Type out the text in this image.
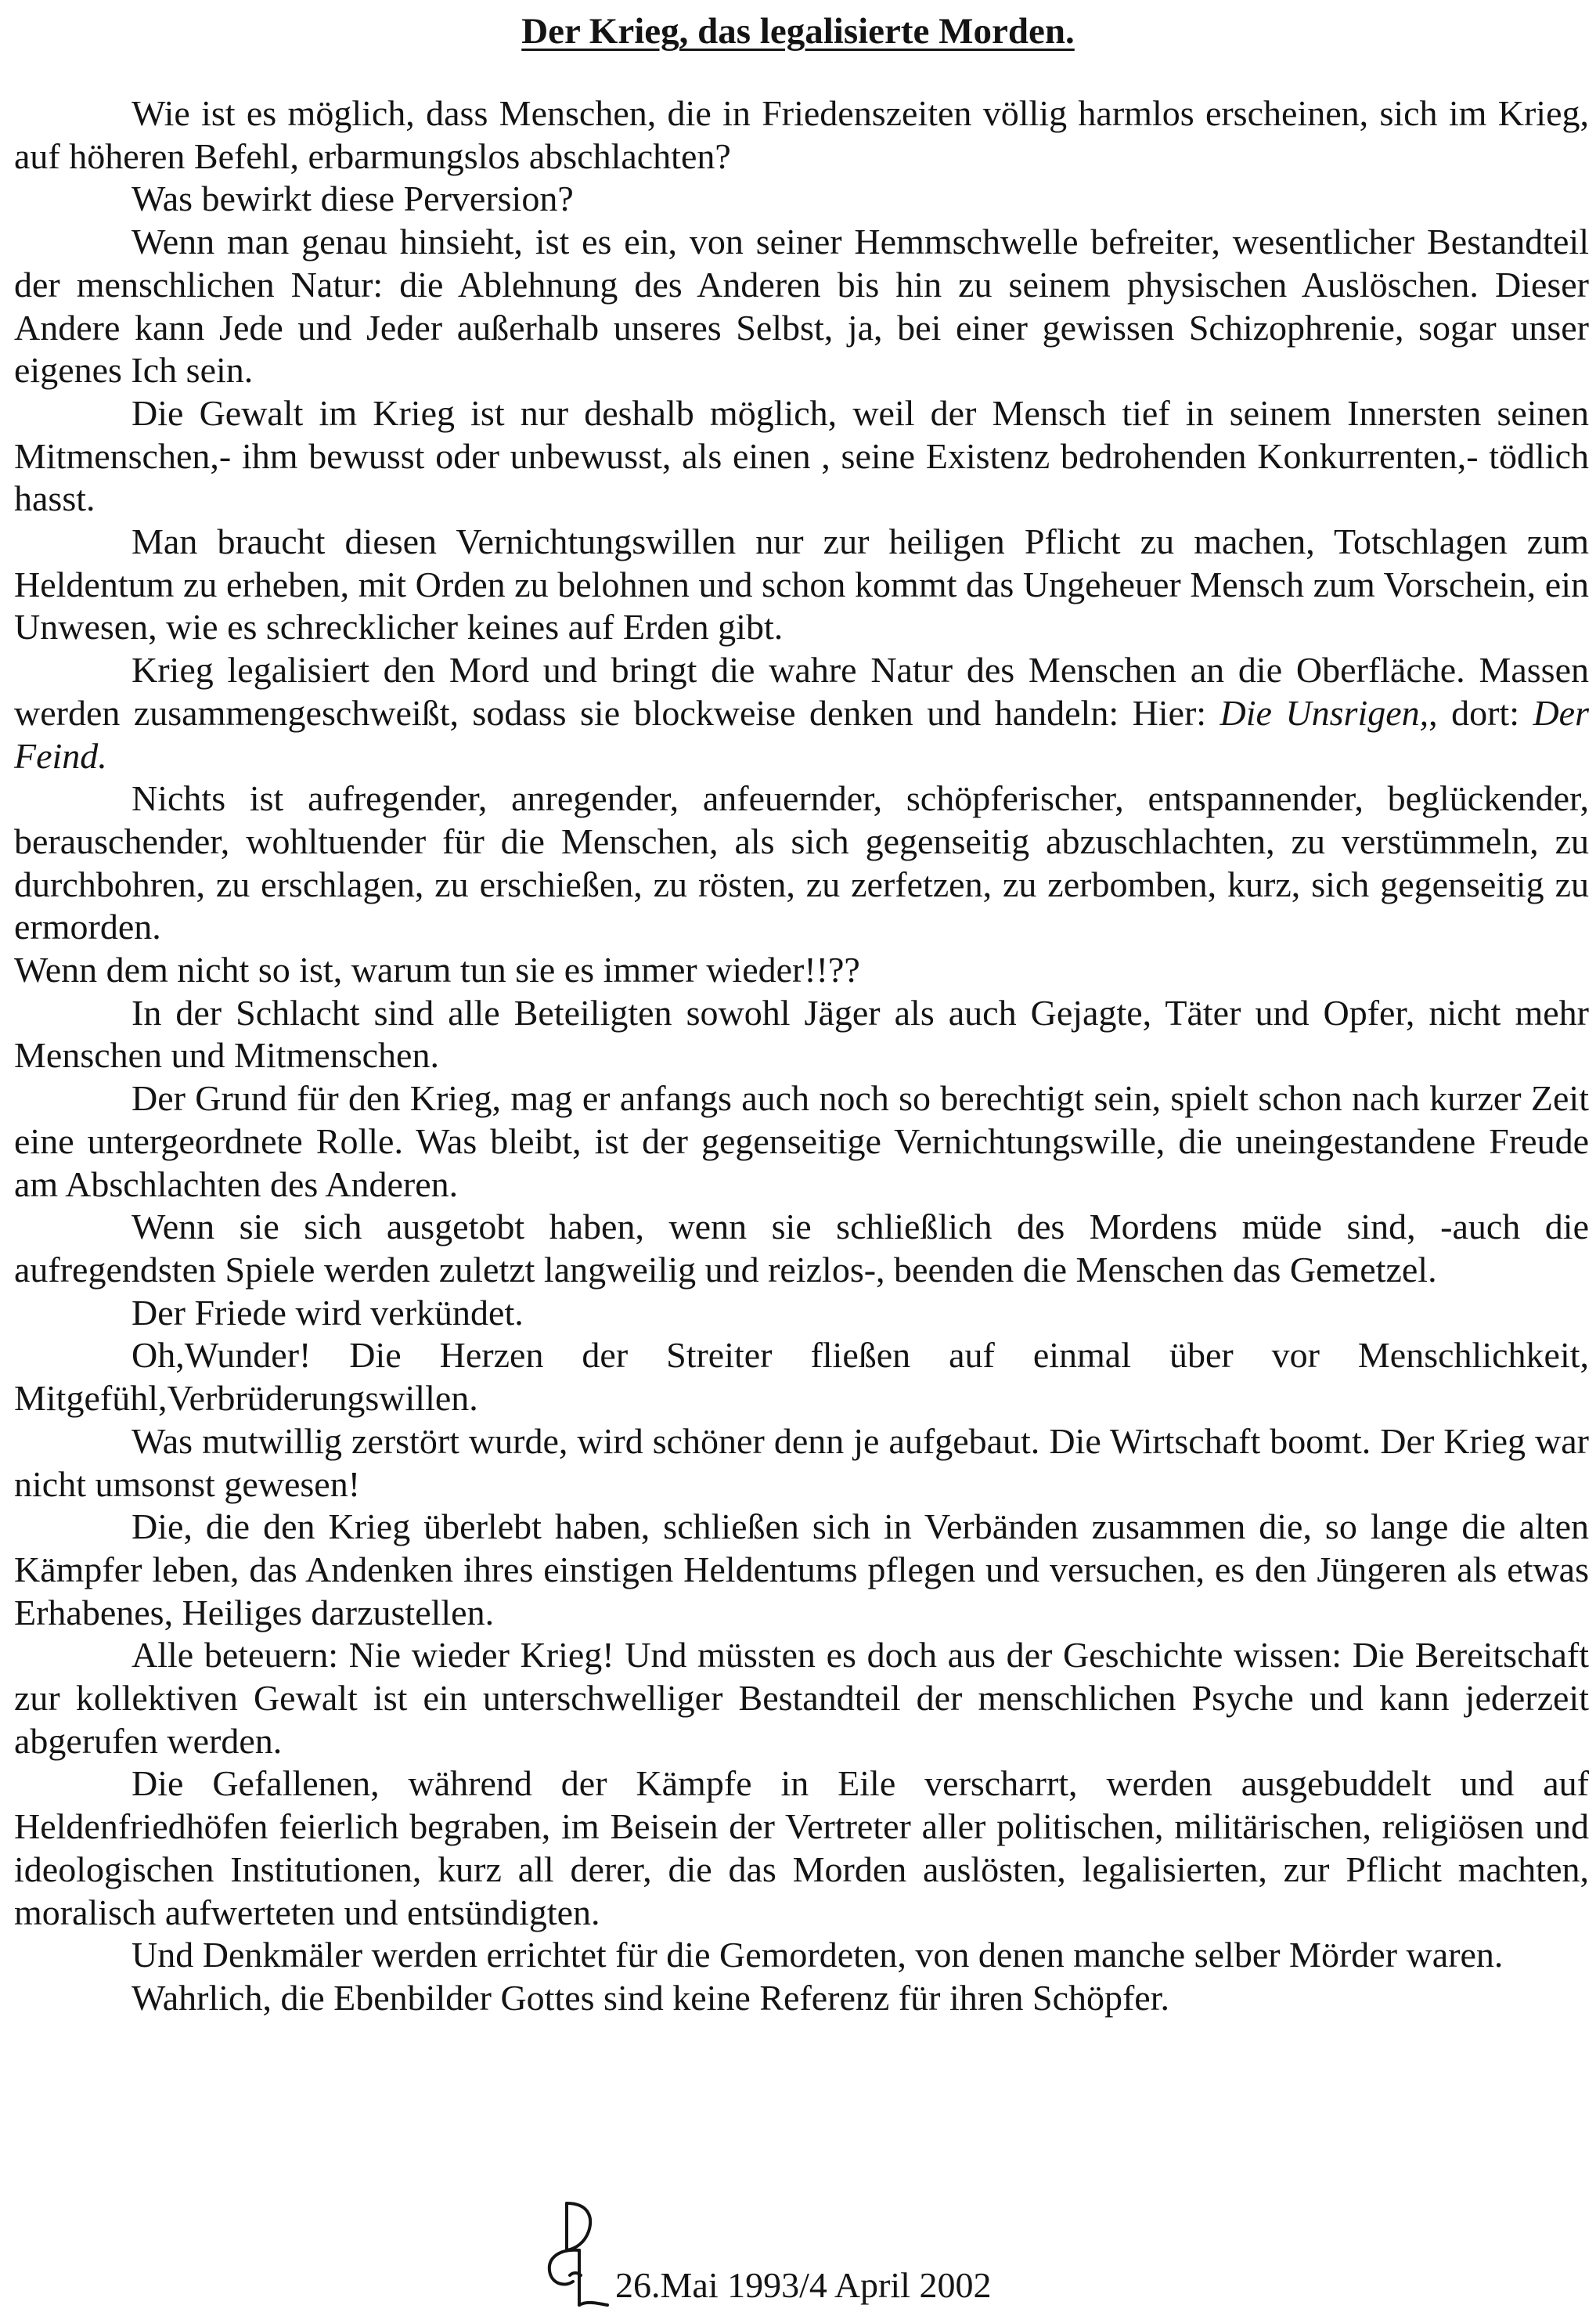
Der Krieg, das legalisierte Morden.

Wie ist es möglich, dass Menschen, die in Friedenszeiten völlig harmlos erscheinen, sich im Krieg, auf höheren Befehl, erbarmungslos abschlachten?

Was bewirkt diese Perversion?

Wenn man genau hinsieht, ist es ein, von seiner Hemmschwelle befreiter, wesentlicher Bestandteil der menschlichen Natur: die Ablehnung des Anderen bis hin zu seinem physischen Auslöschen. Dieser Andere kann Jede und Jeder außerhalb unseres Selbst, ja, bei einer gewissen Schizophrenie, sogar unser eigenes Ich sein.

Die Gewalt im Krieg ist nur deshalb möglich, weil der Mensch tief in seinem Innersten seinen Mitmenschen,- ihm bewusst oder unbewusst, als einen , seine Existenz bedrohenden Konkurrenten,- tödlich hasst.

Man braucht diesen Vernichtungswillen nur zur heiligen Pflicht zu machen, Totschlagen zum Heldentum zu erheben, mit Orden zu belohnen und schon kommt das Ungeheuer Mensch zum Vorschein, ein Unwesen, wie es schrecklicher keines auf Erden gibt.

Krieg legalisiert den Mord und bringt die wahre Natur des Menschen an die Oberfläche. Massen werden zusammengeschweißt, sodass sie blockweise denken und handeln: Hier: Die Unsrigen,, dort: Der Feind.

Nichts ist aufregender, anregender, anfeuernder, schöpferischer, entspannender, beglückender, berauschender, wohltuender für die Menschen, als sich gegenseitig abzuschlachten, zu verstümmeln, zu durchbohren, zu erschlagen, zu erschießen, zu rösten, zu zerfetzen, zu zerbomben, kurz, sich gegenseitig zu ermorden.

Wenn dem nicht so ist, warum tun sie es immer wieder!!??

In der Schlacht sind alle Beteiligten sowohl Jäger als auch Gejagte, Täter und Opfer, nicht mehr Menschen und Mitmenschen.

Der Grund für den Krieg, mag er anfangs auch noch so berechtigt sein, spielt schon nach kurzer Zeit eine untergeordnete Rolle. Was bleibt, ist der gegenseitige Vernichtungswille, die uneingestandene Freude am Abschlachten des Anderen.

Wenn sie sich ausgetobt haben, wenn sie schließlich des Mordens müde sind, -auch die aufregendsten Spiele werden zuletzt langweilig und reizlos-, beenden die Menschen das Gemetzel.

Der Friede wird verkündet.

Oh,Wunder! Die Herzen der Streiter fließen auf einmal über vor Menschlichkeit, Mitgefühl,Verbrüderungswillen.

Was mutwillig zerstört wurde, wird schöner denn je aufgebaut. Die Wirtschaft boomt. Der Krieg war nicht umsonst gewesen!

Die, die den Krieg überlebt haben, schließen sich in Verbänden zusammen die, so lange die alten Kämpfer leben, das Andenken ihres einstigen Heldentums pflegen und versuchen, es den Jüngeren als etwas Erhabenes, Heiliges darzustellen.

Alle beteuern: Nie wieder Krieg! Und müssten es doch aus der Geschichte wissen: Die Bereitschaft zur kollektiven Gewalt ist ein unterschwelliger Bestandteil der menschlichen Psyche und kann jederzeit abgerufen werden.

Die Gefallenen, während der Kämpfe in Eile verscharrt, werden ausgebuddelt und auf Heldenfriedhöfen feierlich begraben, im Beisein der Vertreter aller politischen, militärischen, religiösen und ideologischen Institutionen, kurz all derer, die das Morden auslösten, legalisierten, zur Pflicht machten, moralisch aufwerteten und entsündigten.

Und Denkmäler werden errichtet für die Gemordeten, von denen manche selber Mörder waren.

Wahrlich, die Ebenbilder Gottes sind keine Referenz für ihren Schöpfer.

26.Mai 1993/4 April 2002
